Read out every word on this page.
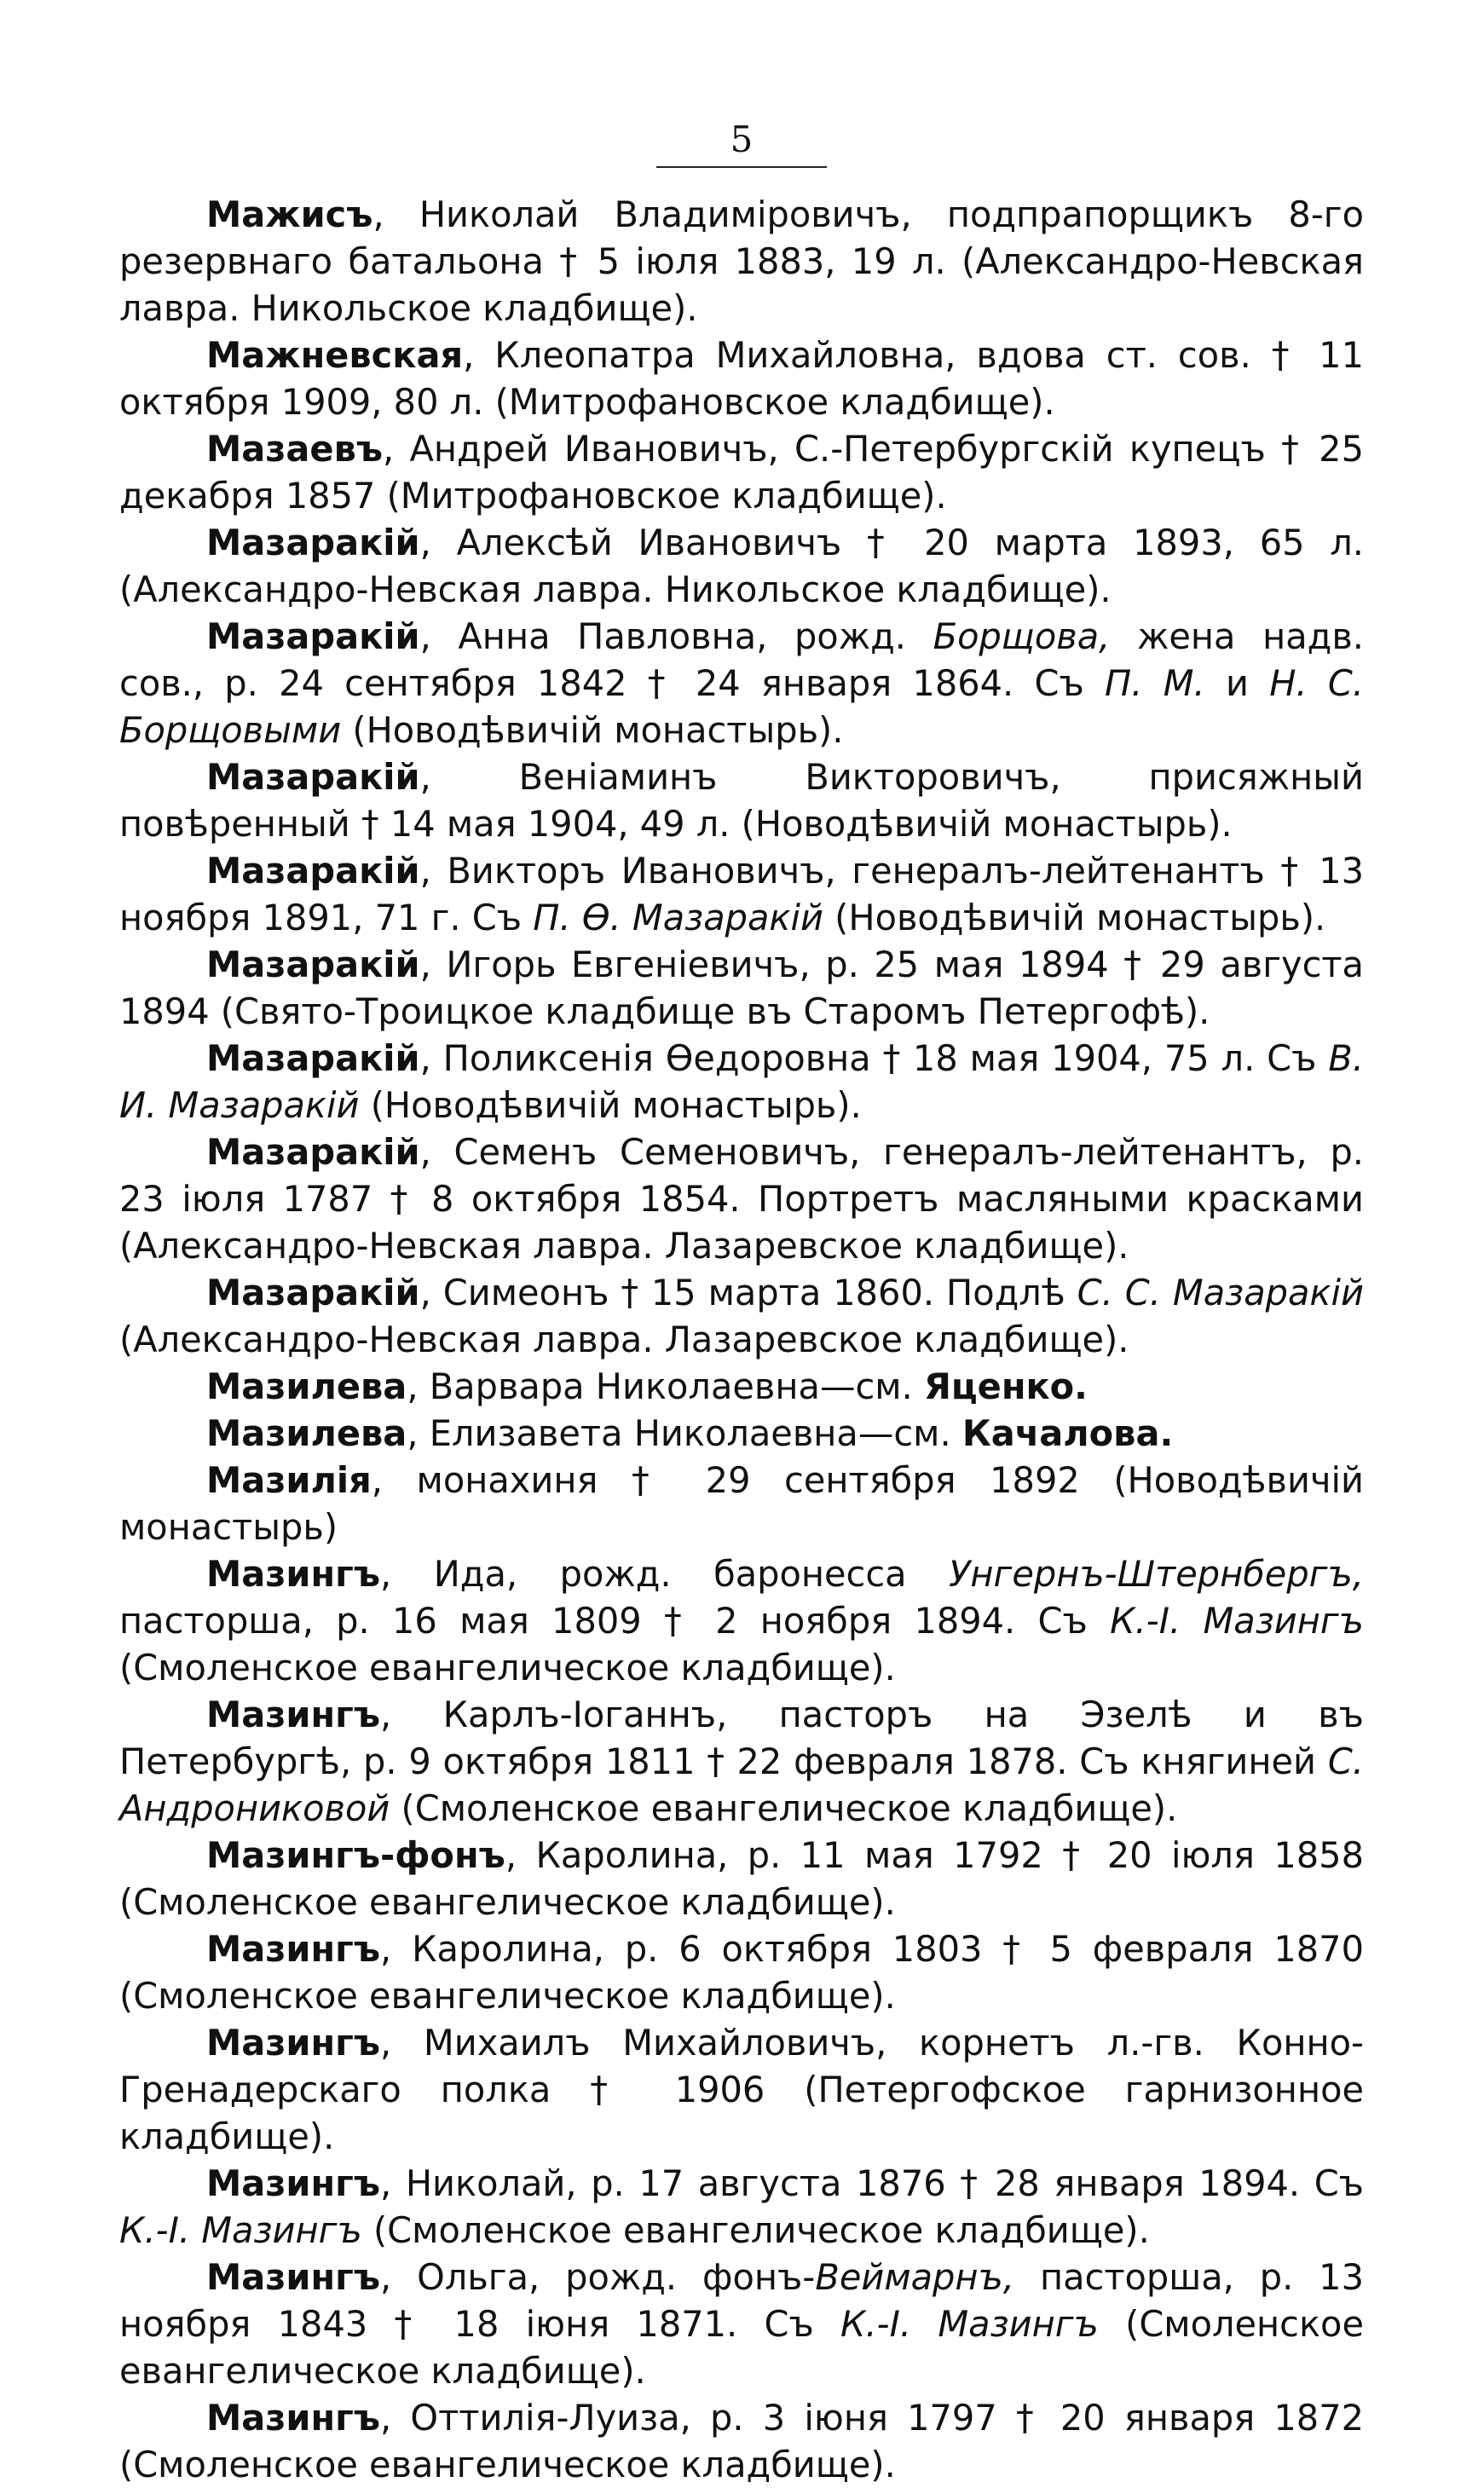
5

Мажисъ, Николай Владиміровичъ, подпрапорщикъ 8-го резервнаго батальона † 5 іюля 1883, 19 л. (Александро-Невская лавра. Никольское кладбище).

Мажневская, Клеопатра Михайловна, вдова ст. сов. † 11 октября 1909, 80 л. (Митрофановское кладбище).

Мазаевъ, Андрей Ивановичъ, С.-Петербургскій купецъ † 25 декабря 1857 (Митрофановское кладбище).

Мазаракій, Алексѣй Ивановичъ † 20 марта 1893, 65 л. (Александро-Невская лавра. Никольское кладбище).

Мазаракій, Анна Павловна, рожд. Борщова, жена надв. сов., р. 24 сентября 1842 † 24 января 1864. Съ П. М. и Н. С. Борщовыми (Новодѣвичій монастырь).

Мазаракій, Веніаминъ Викторовичъ, присяжный повѣренный † 14 мая 1904, 49 л. (Новодѣвичій монастырь).

Мазаракій, Викторъ Ивановичъ, генералъ-лейтенантъ † 13 ноября 1891, 71 г. Съ П. Ѳ. Мазаракій (Новодѣвичій монастырь).

Мазаракій, Игорь Евгеніевичъ, р. 25 мая 1894 † 29 августа 1894 (Свято-Троицкое кладбище въ Старомъ Петергофѣ).

Мазаракій, Поликсенія Ѳедоровна † 18 мая 1904, 75 л. Съ В. И. Мазаракій (Новодѣвичій монастырь).

Мазаракій, Семенъ Семеновичъ, генералъ-лейтенантъ, р. 23 іюля 1787 † 8 октября 1854. Портретъ масляными красками (Александро-Невская лавра. Лазаревское кладбище).

Мазаракій, Симеонъ † 15 марта 1860. Подлѣ С. С. Мазаракій (Александро-Невская лавра. Лазаревское кладбище).

Мазилева, Варвара Николаевна—см. Яценко.

Мазилева, Елизавета Николаевна—см. Качалова.

Мазилія, монахиня † 29 сентября 1892 (Новодѣвичій монастырь)

Мазингъ, Ида, рожд. баронесса Унгернъ-Штернбергъ, пасторша, р. 16 мая 1809 † 2 ноября 1894. Съ К.-І. Мазингъ (Смоленское евангелическое кладбище).

Мазингъ, Карлъ-Іоганнъ, пасторъ на Эзелѣ и въ Петербургѣ, р. 9 октября 1811 † 22 февраля 1878. Съ княгиней С. Андрониковой (Смоленское евангелическое кладбище).

Мазингъ-фонъ, Каролина, р. 11 мая 1792 † 20 іюля 1858 (Смоленское евангелическое кладбище).

Мазингъ, Каролина, р. 6 октября 1803 † 5 февраля 1870 (Смоленское евангелическое кладбище).

Мазингъ, Михаилъ Михайловичъ, корнетъ л.-гв. Конно-Гренадерскаго полка † 1906 (Петергофское гарнизонное кладбище).

Мазингъ, Николай, р. 17 августа 1876 † 28 января 1894. Съ К.-І. Мазингъ (Смоленское евангелическое кладбище).

Мазингъ, Ольга, рожд. фонъ-Веймарнъ, пасторша, р. 13 ноября 1843 † 18 іюня 1871. Съ К.-І. Мазингъ (Смоленское евангелическое кладбище).

Мазингъ, Оттилія-Луиза, р. 3 іюня 1797 † 20 января 1872 (Смоленское евангелическое кладбище).
